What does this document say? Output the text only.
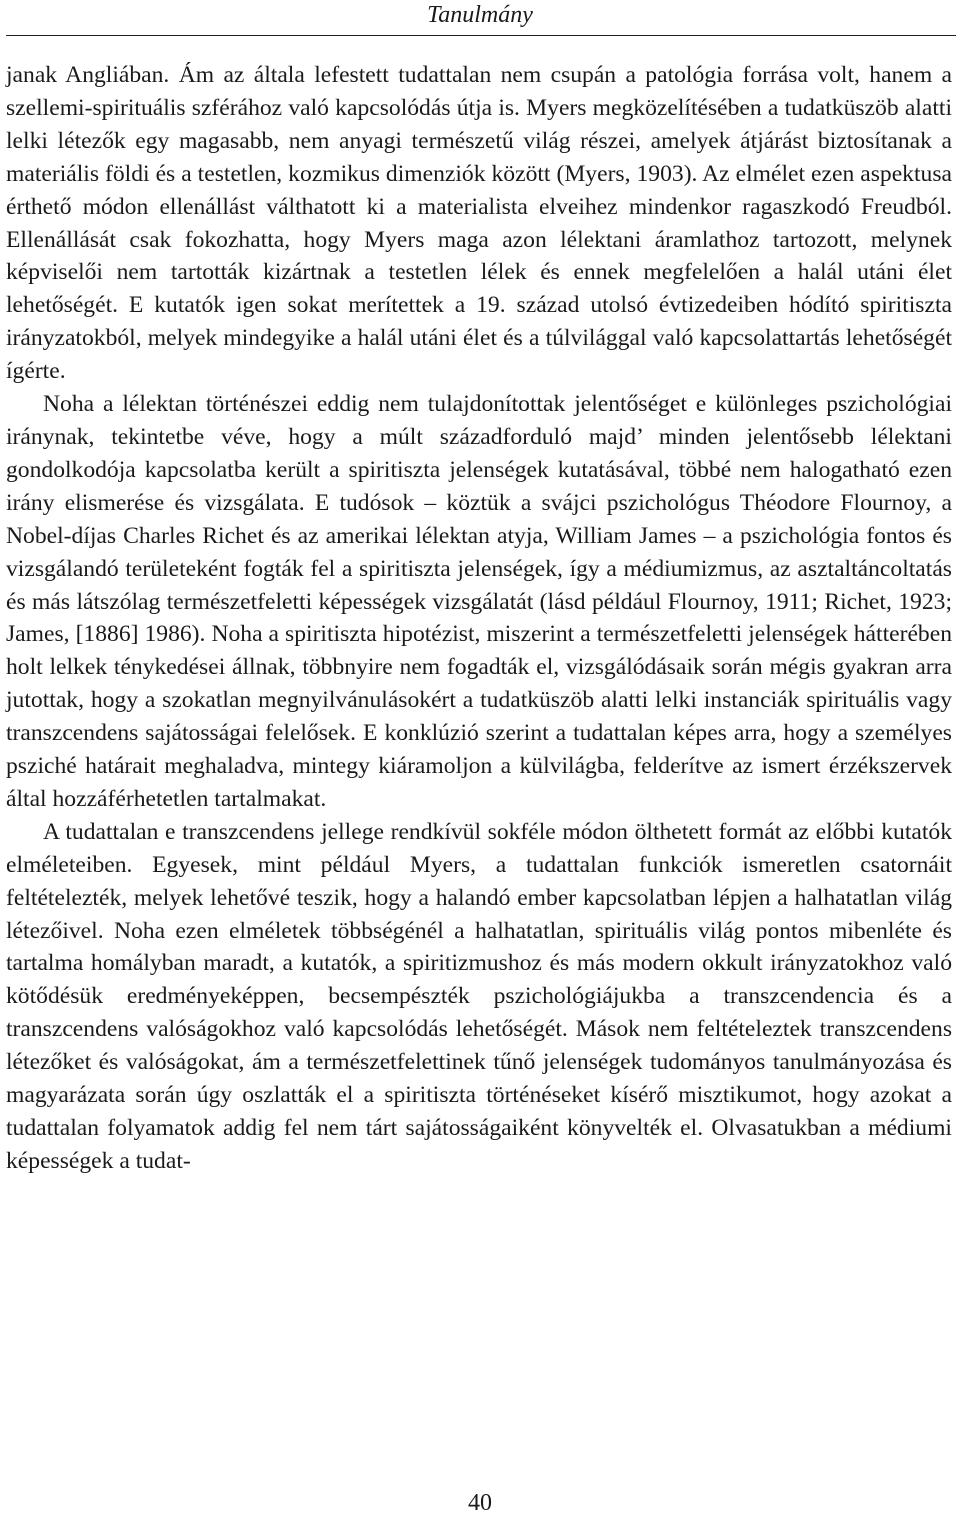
Tanulmány

janak Angliában. Ám az általa lefestett tudattalan nem csupán a patológia forrása volt, hanem a szellemi-spirituális szférához való kapcsolódás útja is. Myers megközelítésében a tudatküszöb alatti lelki létezők egy magasabb, nem anyagi természetű világ részei, amelyek átjárást biztosítanak a materiális földi és a testetlen, kozmikus dimenziók között (Myers, 1903). Az elmélet ezen aspektusa érthető módon ellenállást válthatott ki a materialista elveihez mindenkor ragaszkodó Freudból. Ellenállását csak fokozhatta, hogy Myers maga azon lélektani áramlathoz tartozott, melynek képviselői nem tartották kizártnak a testetlen lélek és ennek megfelelően a halál utáni élet lehetőségét. E kutatók igen sokat merítettek a 19. század utolsó évtizedeiben hódító spiritiszta irányzatokból, melyek mindegyike a halál utáni élet és a túlvilággal való kapcsolattartás lehetőségét ígérte.

Noha a lélektan történészei eddig nem tulajdonítottak jelentőséget e különleges pszichológiai iránynak, tekintetbe véve, hogy a múlt századforduló majd’ minden jelentősebb lélektani gondolkodója kapcsolatba került a spiritiszta jelenségek kutatásával, többé nem halogatható ezen irány elismerése és vizsgálata. E tudósok – köztük a svájci pszichológus Théodore Flournoy, a Nobel-díjas Charles Richet és az amerikai lélektan atyja, William James – a pszichológia fontos és vizsgálandó területeként fogták fel a spiritiszta jelenségek, így a médiumizmus, az asztaltáncoltatás és más látszólag természetfeletti képességek vizsgálatát (lásd például Flournoy, 1911; Richet, 1923; James, [1886] 1986). Noha a spiritiszta hipotézist, miszerint a természetfeletti jelenségek hátterében holt lelkek ténykedései állnak, többnyire nem fogadták el, vizsgálódásaik során mégis gyakran arra jutottak, hogy a szokatlan megnyilvánulásokért a tudatküszöb alatti lelki instanciák spirituális vagy transzcendens sajátosságai felelősek. E konklúzió szerint a tudattalan képes arra, hogy a személyes psziché határait meghaladva, mintegy kiáramoljon a külvilágba, felderítve az ismert érzékszervek által hozzáférhetetlen tartalmakat.

A tudattalan e transzcendens jellege rendkívül sokféle módon ölthetett formát az előbbi kutatók elméleteiben. Egyesek, mint például Myers, a tudattalan funkciók ismeretlen csatornáit feltételezték, melyek lehetővé teszik, hogy a halandó ember kapcsolatban lépjen a halhatatlan világ létezőivel. Noha ezen elméletek többségénél a halhatatlan, spirituális világ pontos mibenléte és tartalma homályban maradt, a kutatók, a spiritizmushoz és más modern okkult irányzatokhoz való kötődésük eredményeképpen, becsempészték pszichológiájukba a transzcendencia és a transzcendens valóságokhoz való kapcsolódás lehetőségét. Mások nem feltételeztek transzcendens létezőket és valóságokat, ám a természetfelettinek tűnő jelenségek tudományos tanulmányozása és magyarázata során úgy oszlatták el a spiritiszta történéseket kísérő misztikumot, hogy azokat a tudattalan folyamatok addig fel nem tárt sajátosságaiként könyvelték el. Olvasatukban a médiumi képességek a tudat-

40
